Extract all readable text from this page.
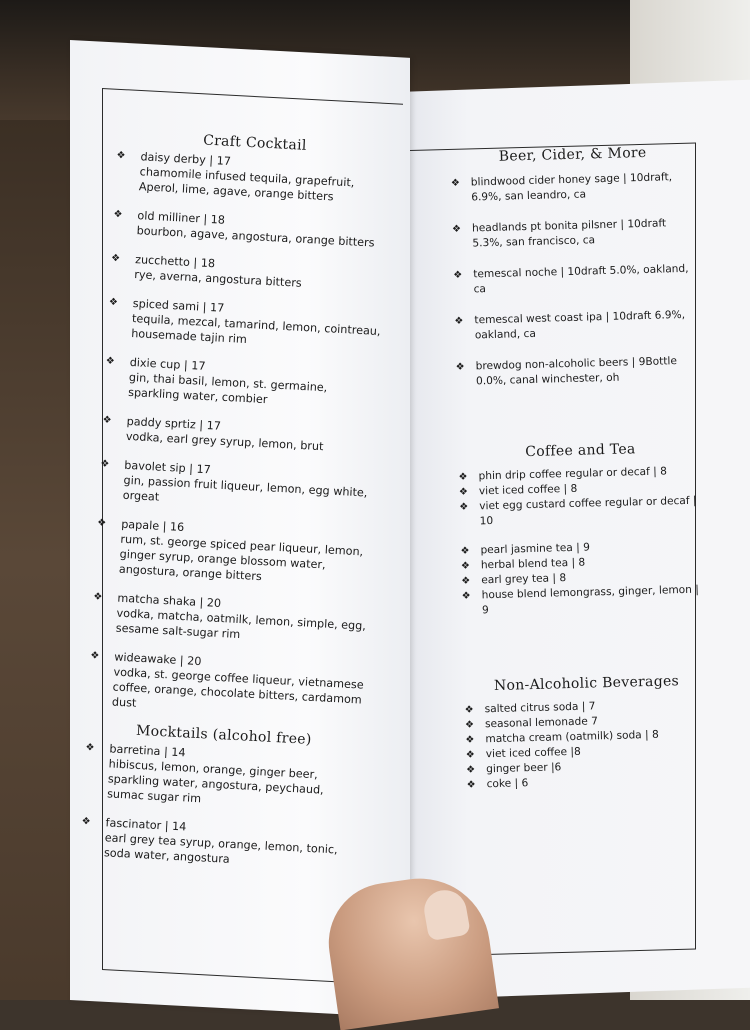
Craft Cocktail
❖ daisy derby | 17
chamomile infused tequila, grapefruit, Aperol, lime, agave, orange bitters
❖ old milliner | 18
bourbon, agave, angostura, orange bitters
❖ zucchetto | 18
rye, averna, angostura bitters
❖ spiced sami | 17
tequila, mezcal, tamarind, lemon, cointreau, housemade tajin rim
❖ dixie cup | 17
gin, thai basil, lemon, st. germaine, sparkling water, combier
❖ paddy sprtiz | 17
vodka, earl grey syrup, lemon, brut
❖ bavolet sip | 17
gin, passion fruit liqueur, lemon, egg white, orgeat
❖ papale | 16
rum, st. george spiced pear liqueur, lemon, ginger syrup, orange blossom water, angostura, orange bitters
❖ matcha shaka | 20
vodka, matcha, oatmilk, lemon, simple, egg, sesame salt-sugar rim
❖ wideawake | 20
vodka, st. george coffee liqueur, vietnamese coffee, orange, chocolate bitters, cardamom dust
Mocktails (alcohol free)
❖ barretina | 14
hibiscus, lemon, orange, ginger beer, sparkling water, angostura, peychaud, sumac sugar rim
❖ fascinator | 14
earl grey tea syrup, orange, lemon, tonic, soda water, angostura
Beer, Cider, & More
❖ blindwood cider honey sage | 10draft, 6.9%, san leandro, ca
❖ headlands pt bonita pilsner | 10draft 5.3%, san francisco, ca
❖ temescal noche | 10draft 5.0%, oakland, ca
❖ temescal west coast ipa | 10draft 6.9%, oakland, ca
❖ brewdog non-alcoholic beers | 9Bottle 0.0%, canal winchester, oh
Coffee and Tea
❖ phin drip coffee regular or decaf | 8
❖ viet iced coffee | 8
❖ viet egg custard coffee regular or decaf | 10
❖ pearl jasmine tea | 9
❖ herbal blend tea | 8
❖ earl grey tea | 8
❖ house blend lemongrass, ginger, lemon | 9
Non-Alcoholic Beverages
❖ salted citrus soda | 7
❖ seasonal lemonade 7
❖ matcha cream (oatmilk) soda | 8
❖ viet iced coffee |8
❖ ginger beer |6
❖ coke | 6
